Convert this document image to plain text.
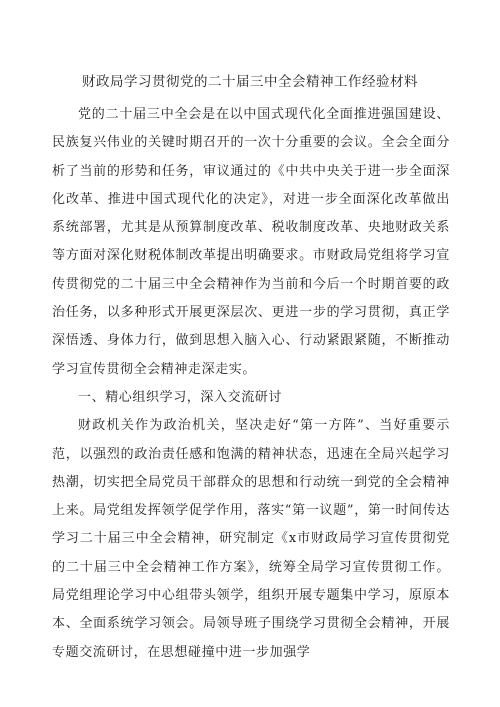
财政局学习贯彻党的二十届三中全会精神工作经验材料

党的二十届三中全会是在以中国式现代化全面推进强国建设、民族复兴伟业的关键时期召开的一次十分重要的会议。全会全面分析了当前的形势和任务，审议通过的《中共中央关于进一步全面深化改革、推进中国式现代化的决定》，对进一步全面深化改革做出系统部署，尤其是从预算制度改革、税收制度改革、央地财政关系等方面对深化财税体制改革提出明确要求。市财政局党组将学习宣传贯彻党的二十届三中全会精神作为当前和今后一个时期首要的政治任务，以多种形式开展更深层次、更进一步的学习贯彻，真正学深悟透、身体力行，做到思想入脑入心、行动紧跟紧随，不断推动学习宣传贯彻全会精神走深走实。

一、精心组织学习，深入交流研讨

财政机关作为政治机关，坚决走好“第一方阵”、当好重要示范，以强烈的政治责任感和饱满的精神状态，迅速在全局兴起学习热潮，切实把全局党员干部群众的思想和行动统一到党的全会精神上来。局党组发挥领学促学作用，落实“第一议题”，第一时间传达学习二十届三中全会精神，研究制定《x市财政局学习宣传贯彻党的二十届三中全会精神工作方案》，统筹全局学习宣传贯彻工作。局党组理论学习中心组带头领学，组织开展专题集中学习，原原本本、全面系统学习领会。局领导班子围绕学习贯彻全会精神，开展专题交流研讨，在思想碰撞中进一步加强学
